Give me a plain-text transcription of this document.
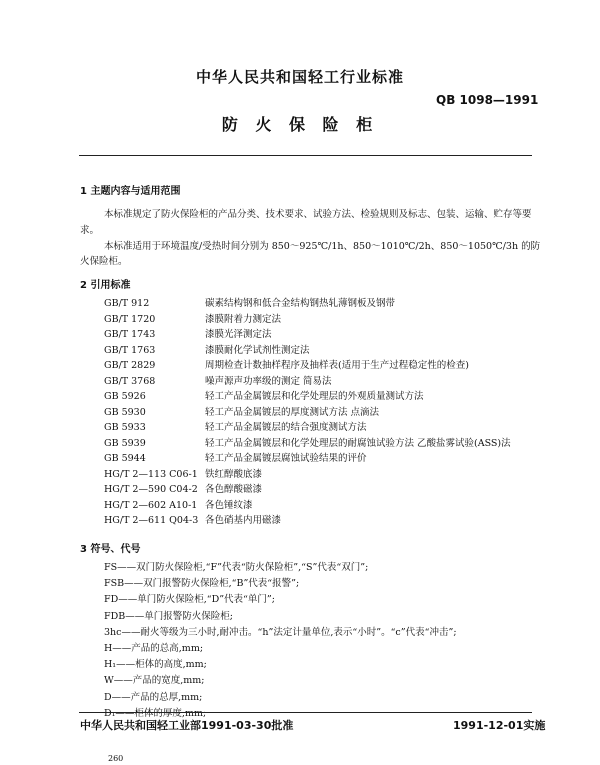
中华人民共和国轻工行业标准
QB 1098—1991
防 火 保 险 柜
1 主题内容与适用范围
本标准规定了防火保险柜的产品分类、技术要求、试验方法、检验规则及标志、包装、运输、贮存等要
求。
本标准适用于环境温度/受热时间分别为 850～925℃/1h、850～1010℃/2h、850～1050℃/3h 的防
火保险柜。
2 引用标准
GB/T 912	碳素结构钢和低合金结构钢热轧薄钢板及钢带
GB/T 1720	漆膜附着力测定法
GB/T 1743	漆膜光泽测定法
GB/T 1763	漆膜耐化学试剂性测定法
GB/T 2829	周期检查计数抽样程序及抽样表(适用于生产过程稳定性的检查)
GB/T 3768	噪声源声功率级的测定 简易法
GB 5926	轻工产品金属镀层和化学处理层的外观质量测试方法
GB 5930	轻工产品金属镀层的厚度测试方法 点滴法
GB 5933	轻工产品金属镀层的结合强度测试方法
GB 5939	轻工产品金属镀层和化学处理层的耐腐蚀试验方法 乙酸盐雾试验(ASS)法
GB 5944	轻工产品金属镀层腐蚀试验结果的评价
HG/T 2—113 C06-1 铁红醇酸底漆
HG/T 2—590 C04-2 各色醇酸磁漆
HG/T 2—602 A10-1 各色锤纹漆
HG/T 2—611 Q04-3 各色硝基内用磁漆
3 符号、代号
FS——双门防火保险柜,“F”代表“防火保险柜”,“S”代表“双门”;
FSB——双门报警防火保险柜,“B”代表“报警”;
FD——单门防火保险柜,“D”代表“单门”;
FDB——单门报警防火保险柜;
3hc——耐火等级为三小时,耐冲击。“h”法定计量单位,表示“小时”。“c”代表“冲击”;
H——产品的总高,mm;
H₁——柜体的高度,mm;
W——产品的宽度,mm;
D——产品的总厚,mm;
D₁——柜体的厚度,mm;
中华人民共和国轻工业部1991-03-30批准	1991-12-01实施
260
